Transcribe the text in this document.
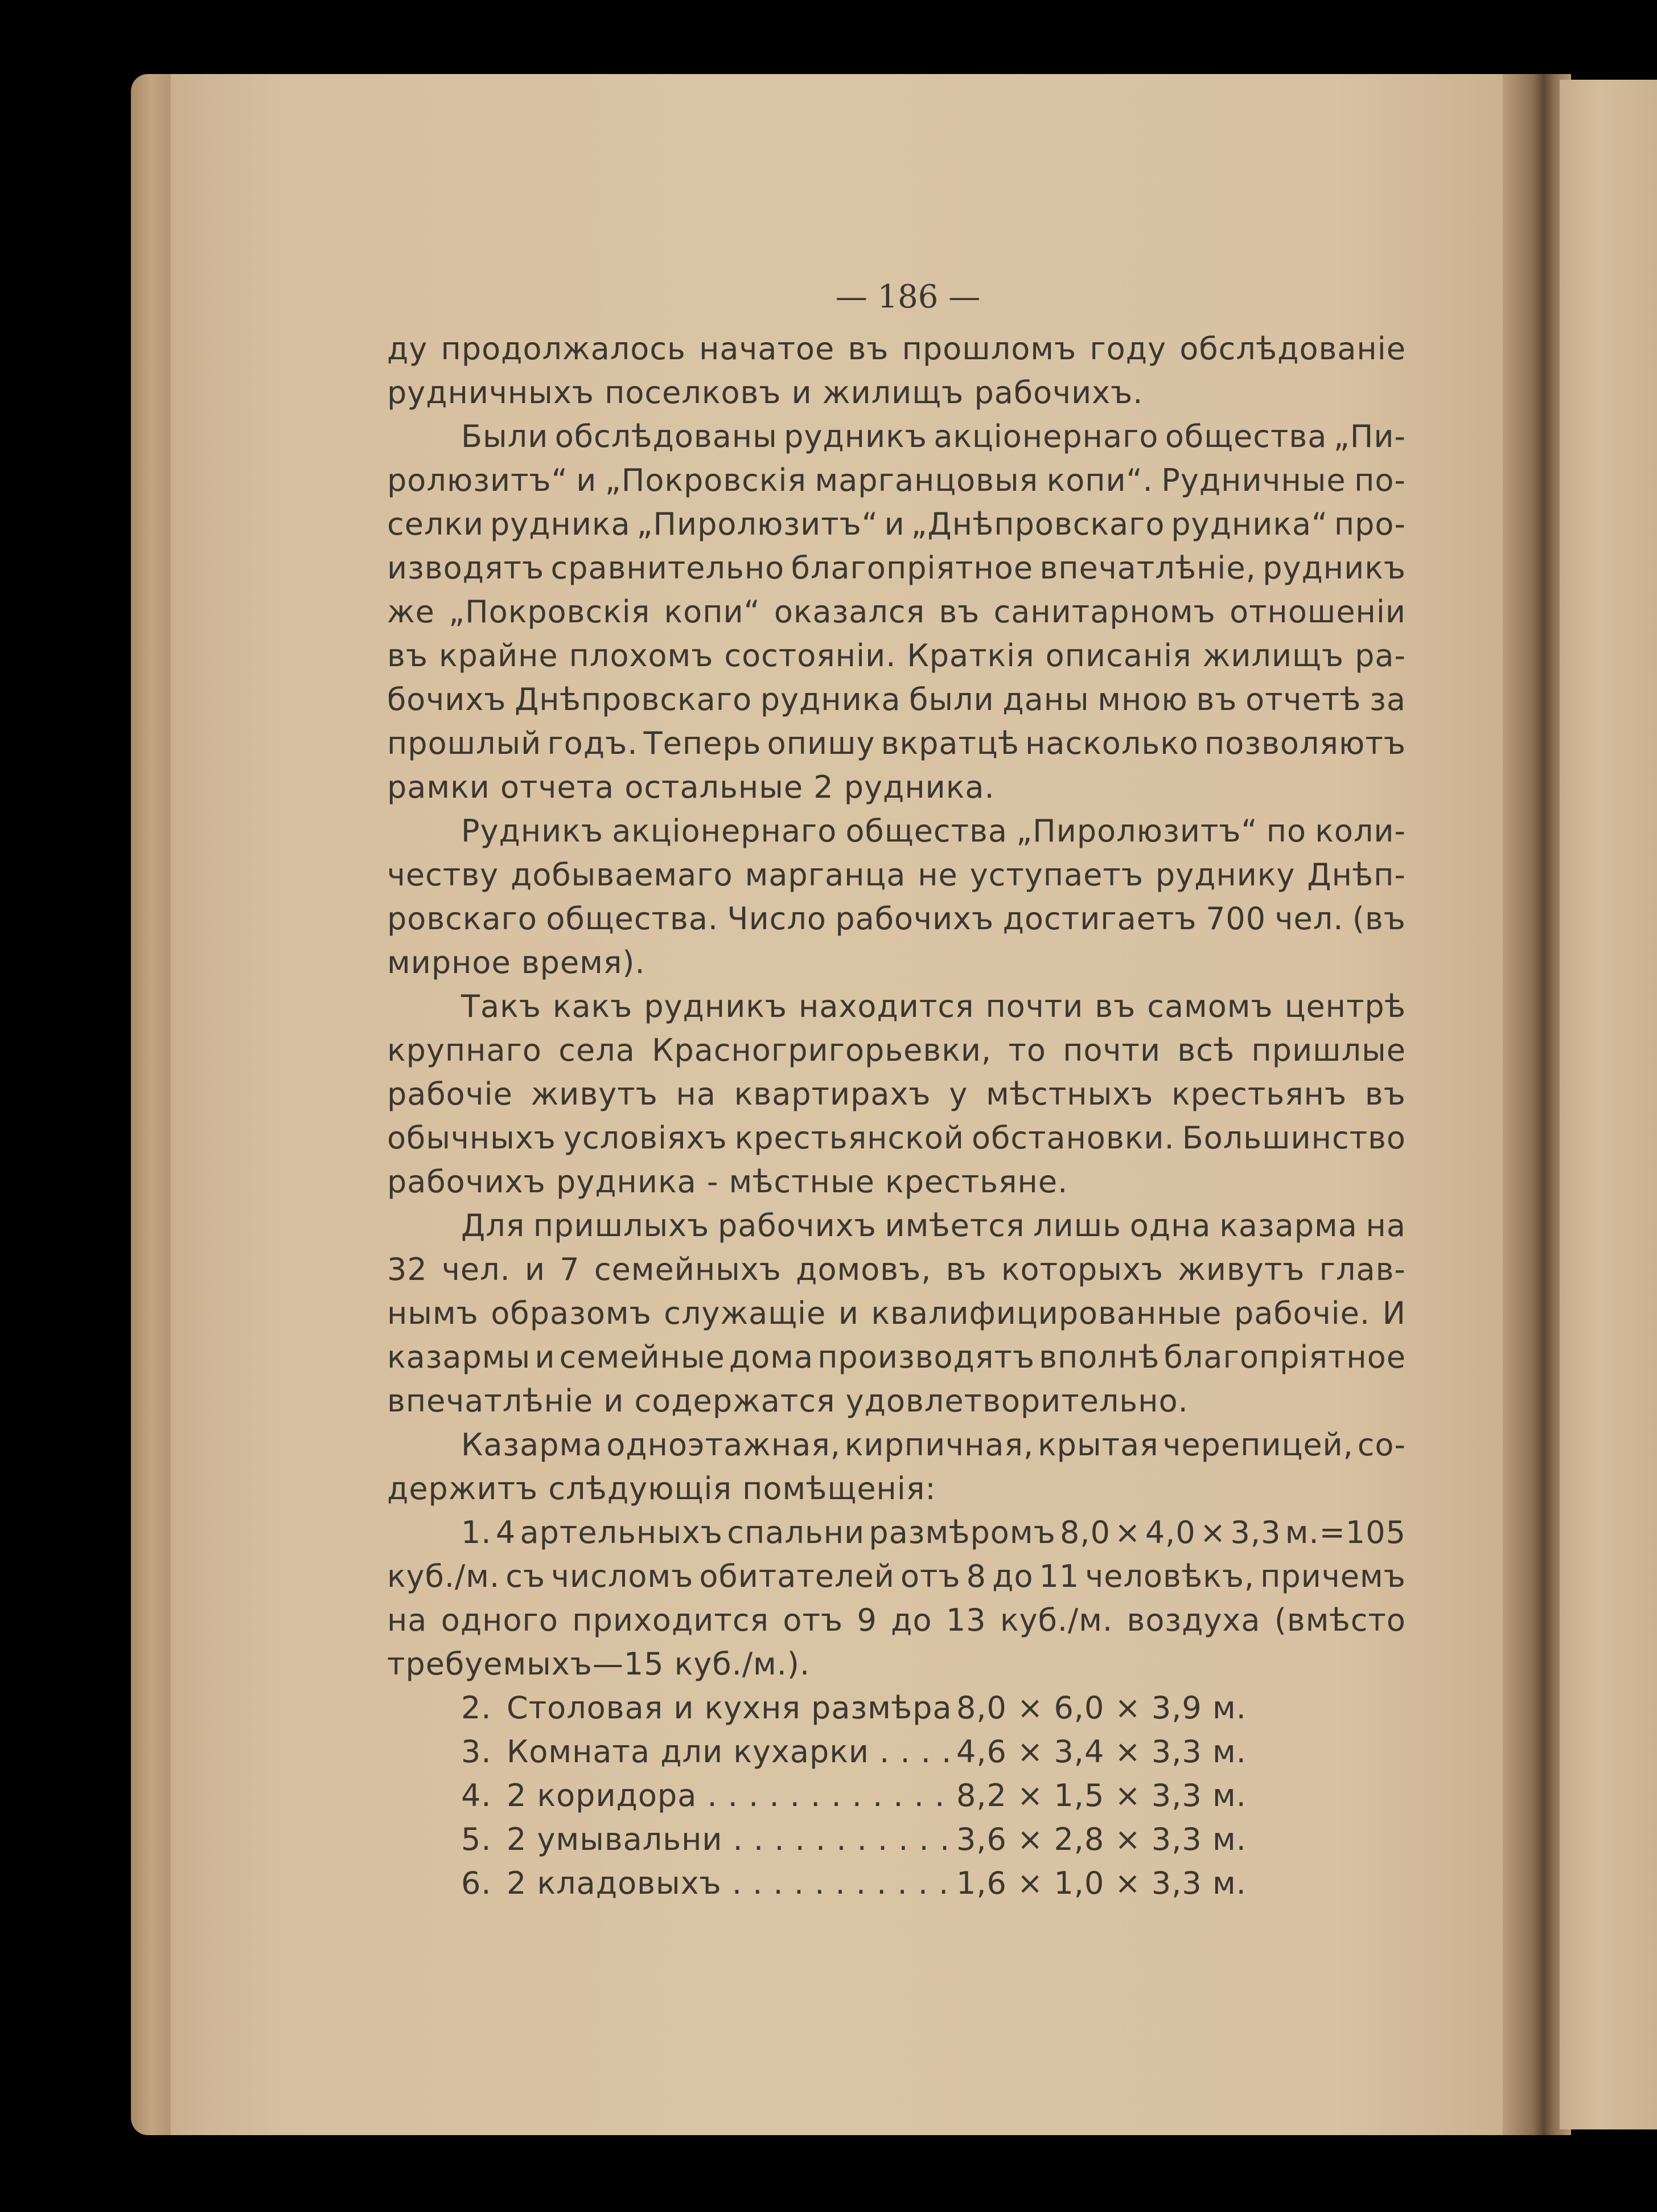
— 186 —
ду продолжалось начатое въ прошломъ году обслѣдованіе
рудничныхъ поселковъ и жилищъ рабочихъ.
Были обслѣдованы рудникъ акціонернаго общества „Пи-
ролюзитъ“ и „Покровскія марганцовыя копи“. Рудничные по-
селки рудника „Пиролюзитъ“ и „Днѣпровскаго рудника“ про-
изводятъ сравнительно благопріятное впечатлѣніе, рудникъ
же „Покровскія копи“ оказался въ санитарномъ отношеніи
въ крайне плохомъ состояніи. Краткія описанія жилищъ ра-
бочихъ Днѣпровскаго рудника были даны мною въ отчетѣ за
прошлый годъ. Теперь опишу вкратцѣ насколько позволяютъ
рамки отчета остальные 2 рудника.
Рудникъ акціонернаго общества „Пиролюзитъ“ по коли-
честву добываемаго марганца не уступаетъ руднику Днѣп-
ровскаго общества. Число рабочихъ достигаетъ 700 чел. (въ
мирное время).
Такъ какъ рудникъ находится почти въ самомъ центрѣ
крупнаго села Красногригорьевки, то почти всѣ пришлые
рабочіе живутъ на квартирахъ у мѣстныхъ крестьянъ въ
обычныхъ условіяхъ крестьянской обстановки. Большинство
рабочихъ рудника - мѣстные крестьяне.
Для пришлыхъ рабочихъ имѣется лишь одна казарма на
32 чел. и 7 семейныхъ домовъ, въ которыхъ живутъ глав-
нымъ образомъ служащіе и квалифицированные рабочіе. И
казармы и семейные дома производятъ вполнѣ благопріятное
впечатлѣніе и содержатся удовлетворительно.
Казарма одноэтажная, кирпичная, крытая черепицей, со-
держитъ слѣдующія помѣщенія:
1. 4 артельныхъ спальни размѣромъ 8,0 × 4,0 × 3,3 м.=105
куб./м. съ числомъ обитателей отъ 8 до 11 человѣкъ, причемъ
на одного приходится отъ 9 до 13 куб./м. воздуха (вмѣсто
требуемыхъ—15 куб./м.).
2. Столовая и кухня размѣра . . . 8,0 × 6,0 × 3,9 м.
3. Комната дли кухарки . . .	4,6 × 3,4 × 3,3 м.
4. 2 коридора . . .	8,2 × 1,5 × 3,3 м.
5. 2 умывальни . . .	3,6 × 2,8 × 3,3 м.
6. 2 кладовыхъ . . .	1,6 × 1,0 × 3,3 м.
